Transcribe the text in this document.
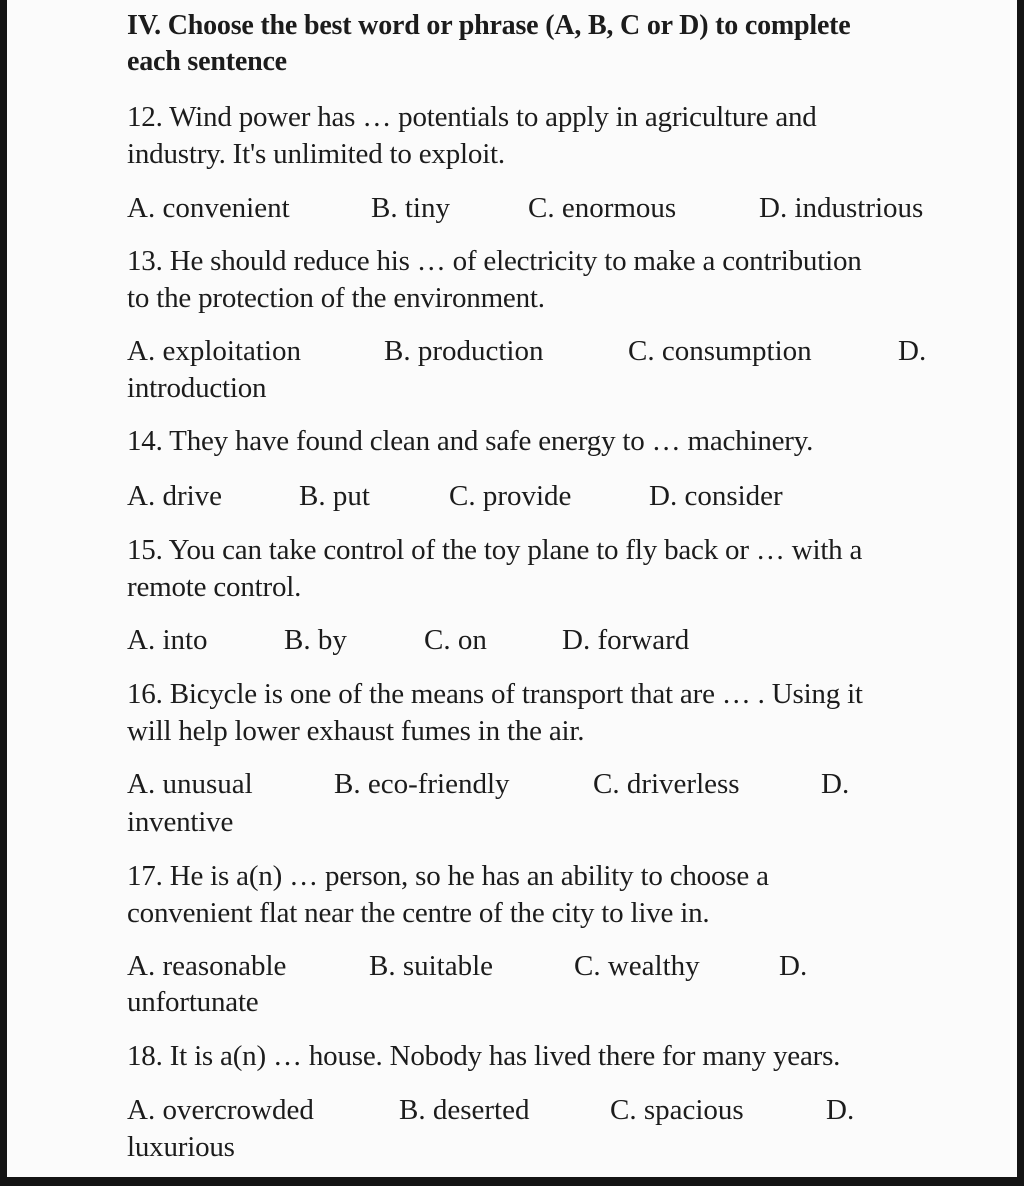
IV. Choose the best word or phrase (A, B, C or D) to complete
each sentence
12. Wind power has … potentials to apply in agriculture and
industry. It's unlimited to exploit.
A. convenient	B. tiny	C. enormous	D. industrious
13. He should reduce his … of electricity to make a contribution
to the protection of the environment.
A. exploitation	B. production	C. consumption	D.
introduction
14. They have found clean and safe energy to … machinery.
A. drive	B. put	C. provide	D. consider
15. You can take control of the toy plane to fly back or … with a
remote control.
A. into	B. by	C. on	D. forward
16. Bicycle is one of the means of transport that are … . Using it
will help lower exhaust fumes in the air.
A. unusual	B. eco-friendly	C. driverless	D.
inventive
17. He is a(n) … person, so he has an ability to choose a
convenient flat near the centre of the city to live in.
A. reasonable	B. suitable	C. wealthy	D.
unfortunate
18. It is a(n) … house. Nobody has lived there for many years.
A. overcrowded	B. deserted	C. spacious	D.
luxurious
